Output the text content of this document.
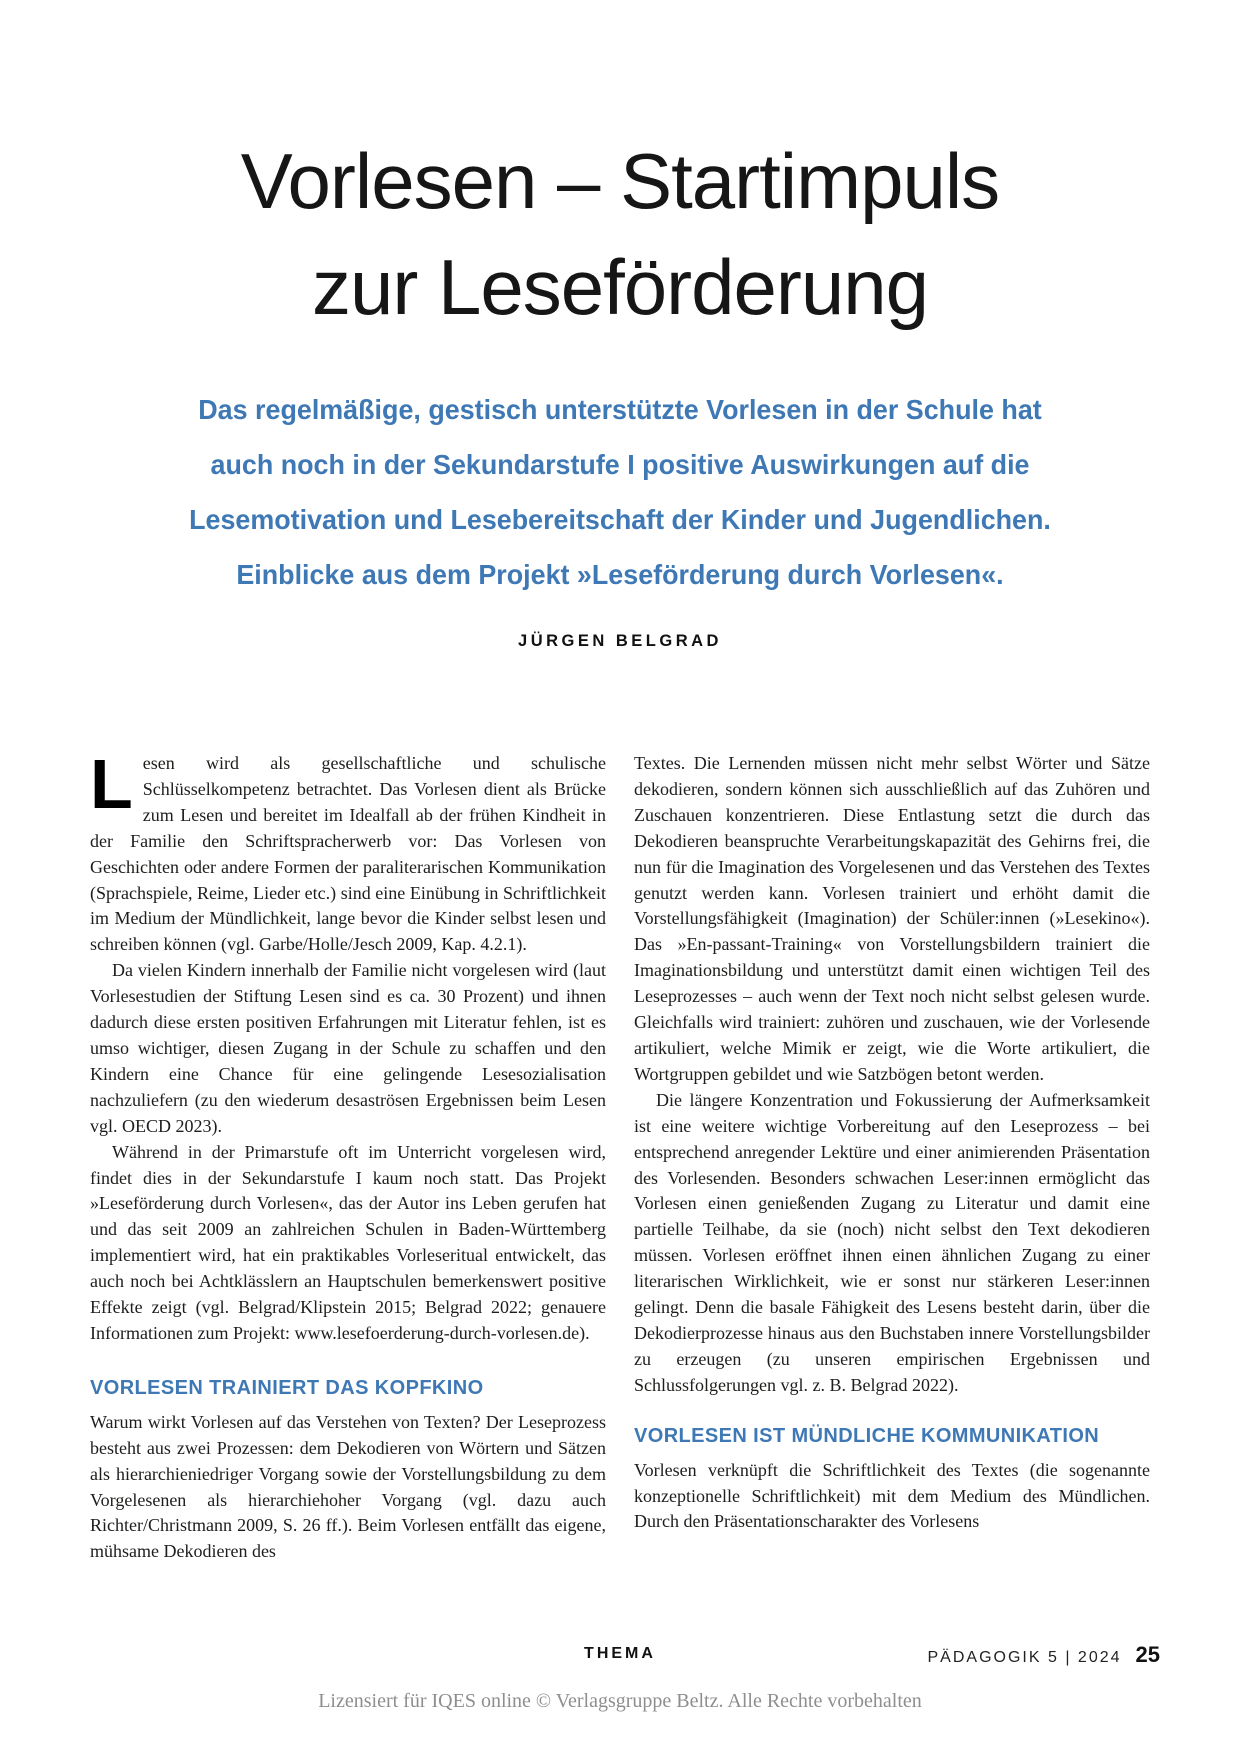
Vorlesen – Startimpuls
zur Leseförderung
Das regelmäßige, gestisch unterstützte Vorlesen in der Schule hat
auch noch in der Sekundarstufe I positive Auswirkungen auf die
Lesemotivation und Lesebereitschaft der Kinder und Jugendlichen.
Einblicke aus dem Projekt »Leseförderung durch Vorlesen«.
JÜRGEN BELGRAD

Lesen wird als gesellschaftliche und schulische Schlüsselkompetenz betrachtet. Das Vorlesen dient als Brücke zum Lesen und bereitet im Idealfall ab der frühen Kindheit in der Familie den Schriftspracherwerb vor: Das Vorlesen von Geschichten oder andere Formen der paraliterarischen Kommunikation (Sprachspiele, Reime, Lieder etc.) sind eine Einübung in Schriftlichkeit im Medium der Mündlichkeit, lange bevor die Kinder selbst lesen und schreiben können (vgl. Garbe/Holle/Jesch 2009, Kap. 4.2.1).

Da vielen Kindern innerhalb der Familie nicht vorgelesen wird (laut Vorlesestudien der Stiftung Lesen sind es ca. 30 Prozent) und ihnen dadurch diese ersten positiven Erfahrungen mit Literatur fehlen, ist es umso wichtiger, diesen Zugang in der Schule zu schaffen und den Kindern eine Chance für eine gelingende Lesesozialisation nachzuliefern (zu den wiederum desaströsen Ergebnissen beim Lesen vgl. OECD 2023).

Während in der Primarstufe oft im Unterricht vorgelesen wird, findet dies in der Sekundarstufe I kaum noch statt. Das Projekt »Leseförderung durch Vorlesen«, das der Autor ins Leben gerufen hat und das seit 2009 an zahlreichen Schulen in Baden-Württemberg implementiert wird, hat ein praktikables Vorleseritual entwickelt, das auch noch bei Achtklässlern an Hauptschulen bemerkenswert positive Effekte zeigt (vgl. Belgrad/Klipstein 2015; Belgrad 2022; genauere Informationen zum Projekt: www.lesefoerderung-durch-vorlesen.de).

VORLESEN TRAINIERT DAS KOPFKINO

Warum wirkt Vorlesen auf das Verstehen von Texten? Der Leseprozess besteht aus zwei Prozessen: dem Dekodieren von Wörtern und Sätzen als hierarchieniedriger Vorgang sowie der Vorstellungsbildung zu dem Vorgelesenen als hierarchiehoher Vorgang (vgl. dazu auch Richter/Christmann 2009, S. 26 ff.). Beim Vorlesen entfällt das eigene, mühsame Dekodieren des

Textes. Die Lernenden müssen nicht mehr selbst Wörter und Sätze dekodieren, sondern können sich ausschließlich auf das Zuhören und Zuschauen konzentrieren. Diese Entlastung setzt die durch das Dekodieren beanspruchte Verarbeitungskapazität des Gehirns frei, die nun für die Imagination des Vorgelesenen und das Verstehen des Textes genutzt werden kann. Vorlesen trainiert und erhöht damit die Vorstellungsfähigkeit (Imagination) der Schüler:innen (»Lesekino«). Das »En-passant-Training« von Vorstellungsbildern trainiert die Imaginationsbildung und unterstützt damit einen wichtigen Teil des Leseprozesses – auch wenn der Text noch nicht selbst gelesen wurde. Gleichfalls wird trainiert: zuhören und zuschauen, wie der Vorlesende artikuliert, welche Mimik er zeigt, wie die Worte artikuliert, die Wortgruppen gebildet und wie Satzbögen betont werden.

Die längere Konzentration und Fokussierung der Aufmerksamkeit ist eine weitere wichtige Vorbereitung auf den Leseprozess – bei entsprechend anregender Lektüre und einer animierenden Präsentation des Vorlesenden. Besonders schwachen Leser:innen ermöglicht das Vorlesen einen genießenden Zugang zu Literatur und damit eine partielle Teilhabe, da sie (noch) nicht selbst den Text dekodieren müssen. Vorlesen eröffnet ihnen einen ähnlichen Zugang zu einer literarischen Wirklichkeit, wie er sonst nur stärkeren Leser:innen gelingt. Denn die basale Fähigkeit des Lesens besteht darin, über die Dekodierprozesse hinaus aus den Buchstaben innere Vorstellungsbilder zu erzeugen (zu unseren empirischen Ergebnissen und Schlussfolgerungen vgl. z. B. Belgrad 2022).

VORLESEN IST MÜNDLICHE KOMMUNIKATION

Vorlesen verknüpft die Schriftlichkeit des Textes (die sogenannte konzeptionelle Schriftlichkeit) mit dem Medium des Mündlichen. Durch den Präsentationscharakter des Vorlesens

THEMA	PÄDAGOGIK 5 | 2024 25
Lizensiert für IQES online © Verlagsgruppe Beltz. Alle Rechte vorbehalten
